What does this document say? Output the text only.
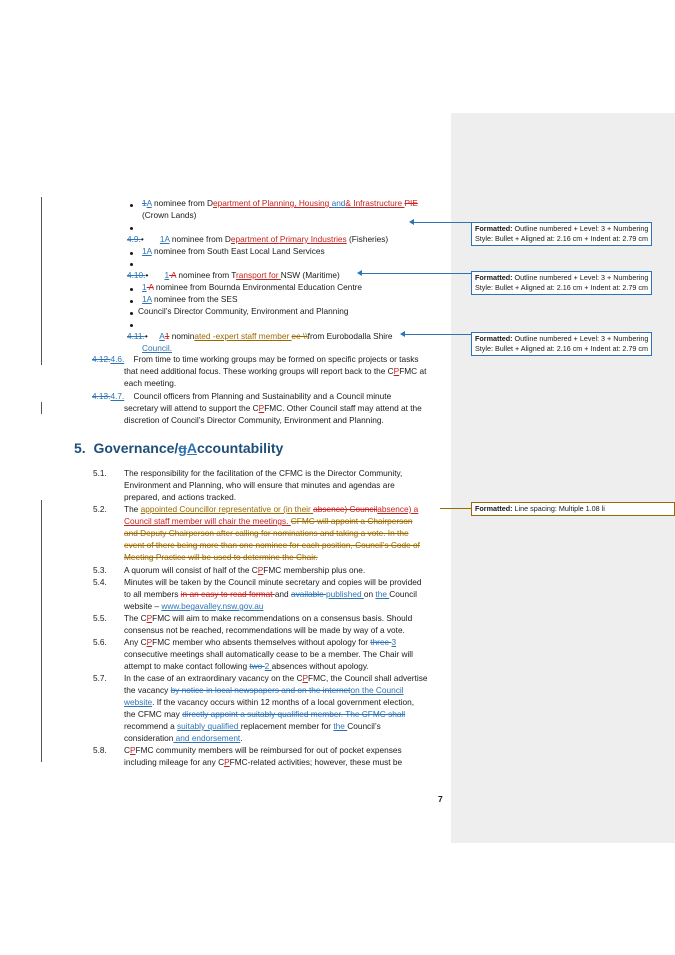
1A nominee from Department of Planning, Housing and& Infrastructure PIE
(Crown Lands)
4.9.•       1A nominee from Department of Primary Industries (Fisheries)
1A nominee from South East Local Land Services
4.10.•       1 A nominee from Transport for NSW (Maritime)
1 A nominee from Bournda Environmental Education Centre
1A nominee from the SES
Council’s Director Community, Environment and Planning
4.11.•     A1 nominated -expert staff member ee \\from Eurobodalla Shire
Council.
4.12.4.6. From time to time working groups may be formed on specific projects or tasks
that need additional focus. These working groups will report back to the CPFMC at
each meeting.
4.13.4.7. Council officers from Planning and Sustainability and a Council minute
secretary will attend to support the CPFMC. Other Council staff may attend at the
discretion of Council’s Director Community, Environment and Planning.
5. Governance/gAccountability
5.1. The responsibility for the facilitation of the CFMC is the Director Community,
Environment and Planning, who will ensure that minutes and agendas are
prepared, and actions tracked.
5.2. The appointed Councillor representative or (in their absence) Councilabsence) a
Council staff member will chair the meetings. CFMC will appoint a Chairperson
and Deputy Chairperson after calling for nominations and taking a vote. In the
event of there being more than one nominee for each position, Council’s Code of
Meeting Practice will be used to determine the Chair.
5.3. A quorum will consist of half of the CPFMC membership plus one.
5.4. Minutes will be taken by the Council minute secretary and copies will be provided
to all members in an easy to read format and available published on the Council
website – www.begavalley.nsw.gov.au
5.5. The CPFMC will aim to make recommendations on a consensus basis. Should
consensus not be reached, recommendations will be made by way of a vote.
5.6. Any CPFMC member who absents themselves without apology for three 3
consecutive meetings shall automatically cease to be a member. The Chair will
attempt to make contact following two 2 absences without apology.
5.7. In the case of an extraordinary vacancy on the CPFMC, the Council shall advertise
the vacancy by notice in local newspapers and on the interneton the Council
website. If the vacancy occurs within 12 months of a local government election,
the CFMC may directly appoint a suitably qualified member. The CFMC shall
recommend a suitably qualified replacement member for the Council’s
consideration and endorsement.
5.8. CPFMC community members will be reimbursed for out of pocket expenses
including mileage for any CPFMC-related activities; however, these must be
Formatted: Outline numbered + Level: 3 + Numbering
Style: Bullet + Aligned at: 2.16 cm + Indent at: 2.79 cm
Formatted: Outline numbered + Level: 3 + Numbering
Style: Bullet + Aligned at: 2.16 cm + Indent at: 2.79 cm
Formatted: Outline numbered + Level: 3 + Numbering
Style: Bullet + Aligned at: 2.16 cm + Indent at: 2.79 cm
Formatted: Line spacing: Multiple 1.08 li
7
